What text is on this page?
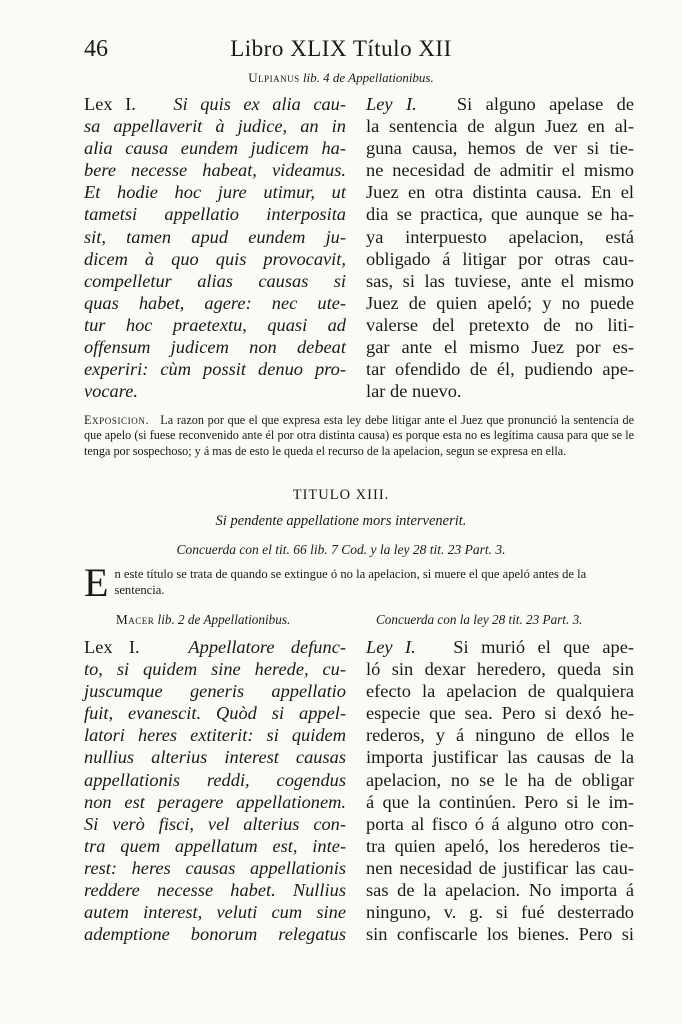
46	Libro XLIX Título XII
Ulpianus lib. 4 de Appellationibus.
Lex I. Si quis ex alia cau-
sa appellaverit à judice, an in
alia causa eundem judicem ha-
bere necesse habeat, videamus.
Et hodie hoc jure utimur, ut
tametsi appellatio interposita
sit, tamen apud eundem ju-
dicem à quo quis provocavit,
compelletur alias causas si
quas habet, agere: nec ute-
tur hoc praetextu, quasi ad
offensum judicem non debeat
experiri: cùm possit denuo pro-
vocare.
Ley I. Si alguno apelase de
la sentencia de algun Juez en al-
guna causa, hemos de ver si tie-
ne necesidad de admitir el mismo
Juez en otra distinta causa. En el
dia se practica, que aunque se ha-
ya interpuesto apelacion, está
obligado á litigar por otras cau-
sas, si las tuviese, ante el mismo
Juez de quien apeló; y no puede
valerse del pretexto de no liti-
gar ante el mismo Juez por es-
tar ofendido de él, pudiendo ape-
lar de nuevo.
Exposicion. La razon por que el que expresa esta ley debe litigar ante el Juez que pronunció la sentencia de que apelo (si fuese reconvenido ante él por otra distinta causa) es porque esta no es legítima causa para que se le tenga por sospechoso; y á mas de esto le queda el recurso de la apelacion, segun se expresa en ella.
TITULO XIII.
Si pendente appellatione mors intervenerit.
Concuerda con el tit. 66 lib. 7 Cod. y la ley 28 tit. 23 Part. 3.
En este título se trata de quando se extingue ó no la apelacion, si muere el que apeló antes de la sentencia.
Macer lib. 2 de Appellationibus.	Concuerda con la ley 28 tit. 23 Part. 3.
Lex I.	Appellatore defunc-
to, si quidem sine herede, cu-
juscumque generis appellatio
fuit, evanescit. Quòd si appel-
latori heres extiterit: si quidem
nullius alterius interest causas
appellationis reddi, cogendus
non est peragere appellationem.
Si verò fisci, vel alterius con-
tra quem appellatum est, inte-
rest: heres causas appellationis
reddere necesse habet. Nullius
autem interest, veluti cum sine
ademptione bonorum relegatus
Ley I. Si murió el que ape-
ló sin dexar heredero, queda sin
efecto la apelacion de qualquiera
especie que sea. Pero si dexó he-
rederos, y á ninguno de ellos le
importa justificar las causas de la
apelacion, no se le ha de obligar
á que la continúen. Pero si le im-
porta al fisco ó á alguno otro con-
tra quien apeló, los herederos tie-
nen necesidad de justificar las cau-
sas de la apelacion. No importa á
ninguno, v. g. si fué desterrado
sin confiscarle los bienes. Pero si
